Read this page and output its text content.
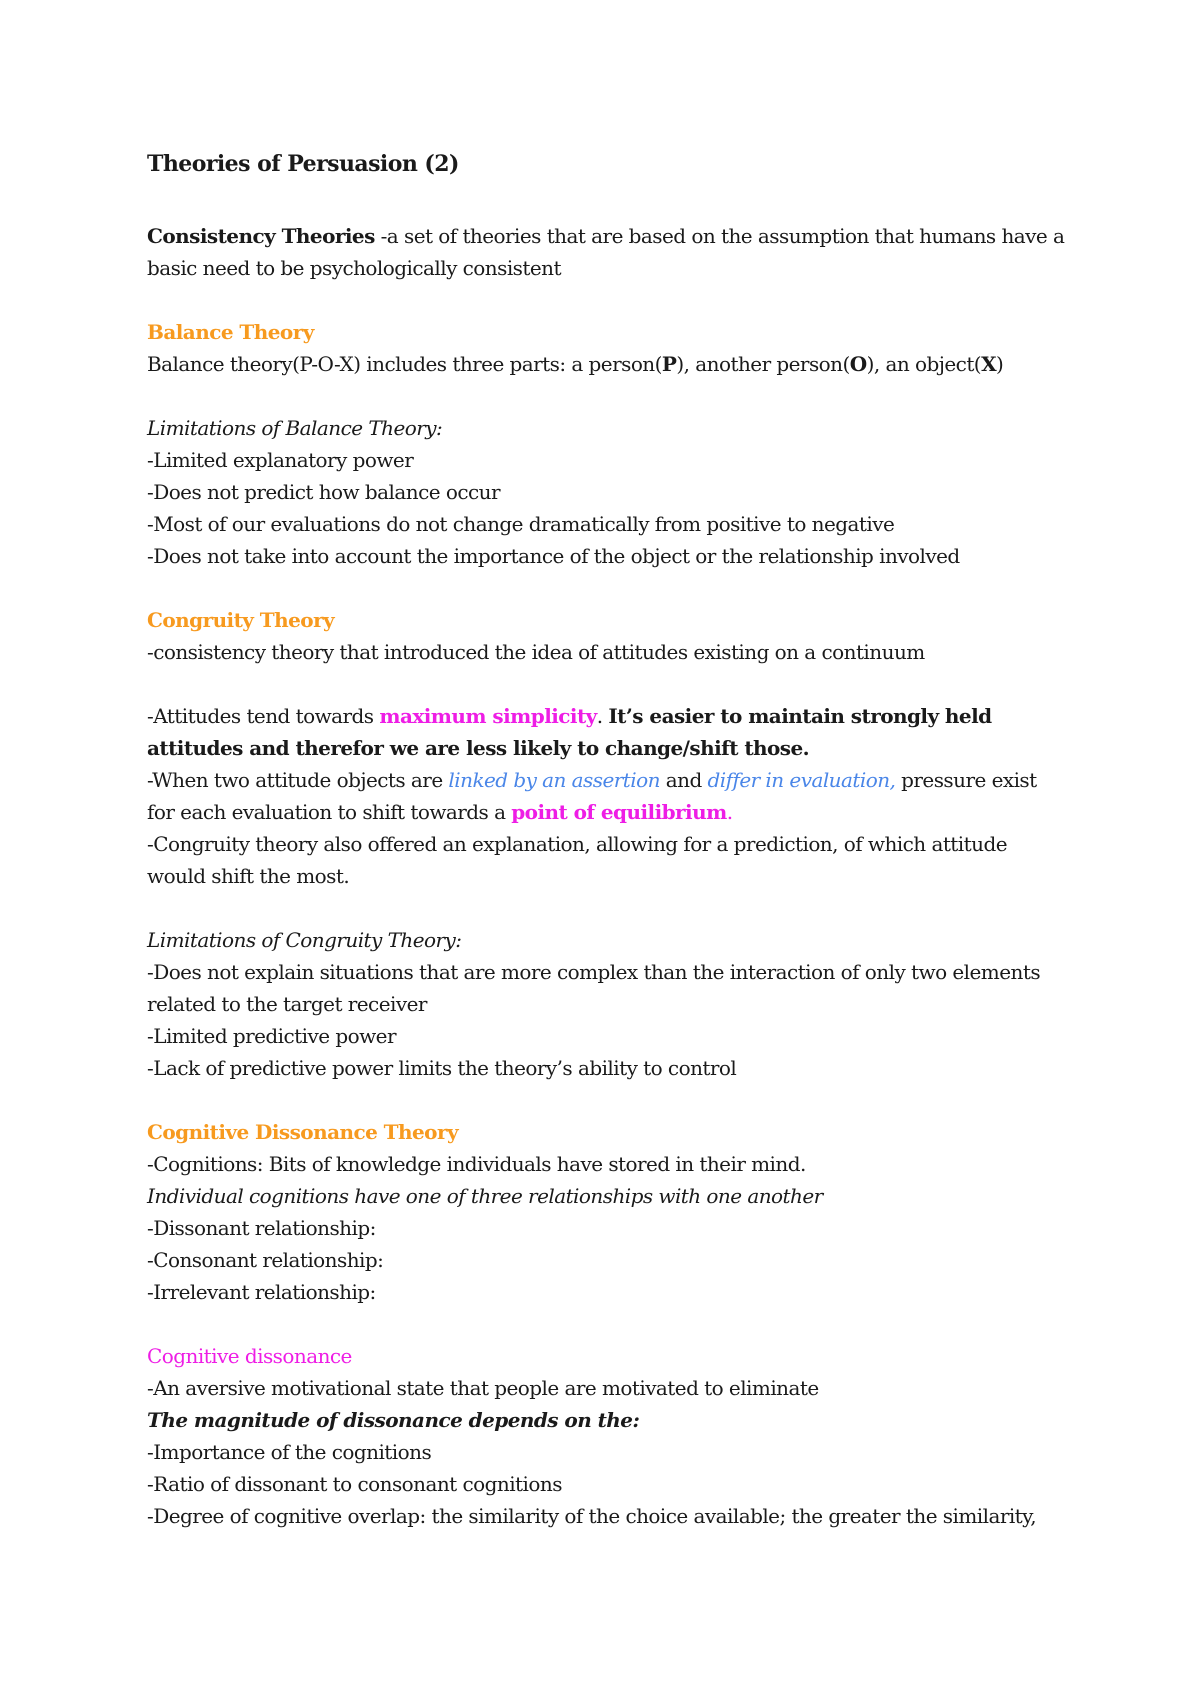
Theories of Persuasion (2)

Consistency Theories -a set of theories that are based on the assumption that humans have a

basic need to be psychologically consistent

Balance Theory

Balance theory(P-O-X) includes three parts: a person(P), another person(O), an object(X)

Limitations of Balance Theory:

-Limited explanatory power

-Does not predict how balance occur

-Most of our evaluations do not change dramatically from positive to negative

-Does not take into account the importance of the object or the relationship involved

Congruity Theory

-consistency theory that introduced the idea of attitudes existing on a continuum

-Attitudes tend towards maximum simplicity. It’s easier to maintain strongly held

attitudes and therefor we are less likely to change/shift those.

-When two attitude objects are linked by an assertion and differ in evaluation, pressure exist

for each evaluation to shift towards a point of equilibrium.

-Congruity theory also offered an explanation, allowing for a prediction, of which attitude

would shift the most.

Limitations of Congruity Theory:

-Does not explain situations that are more complex than the interaction of only two elements

related to the target receiver

-Limited predictive power

-Lack of predictive power limits the theory’s ability to control

Cognitive Dissonance Theory

-Cognitions: Bits of knowledge individuals have stored in their mind.

Individual cognitions have one of three relationships with one another

-Dissonant relationship:

-Consonant relationship:

-Irrelevant relationship:

Cognitive dissonance

-An aversive motivational state that people are motivated to eliminate

The magnitude of dissonance depends on the:

-Importance of the cognitions

-Ratio of dissonant to consonant cognitions

-Degree of cognitive overlap: the similarity of the choice available; the greater the similarity,
